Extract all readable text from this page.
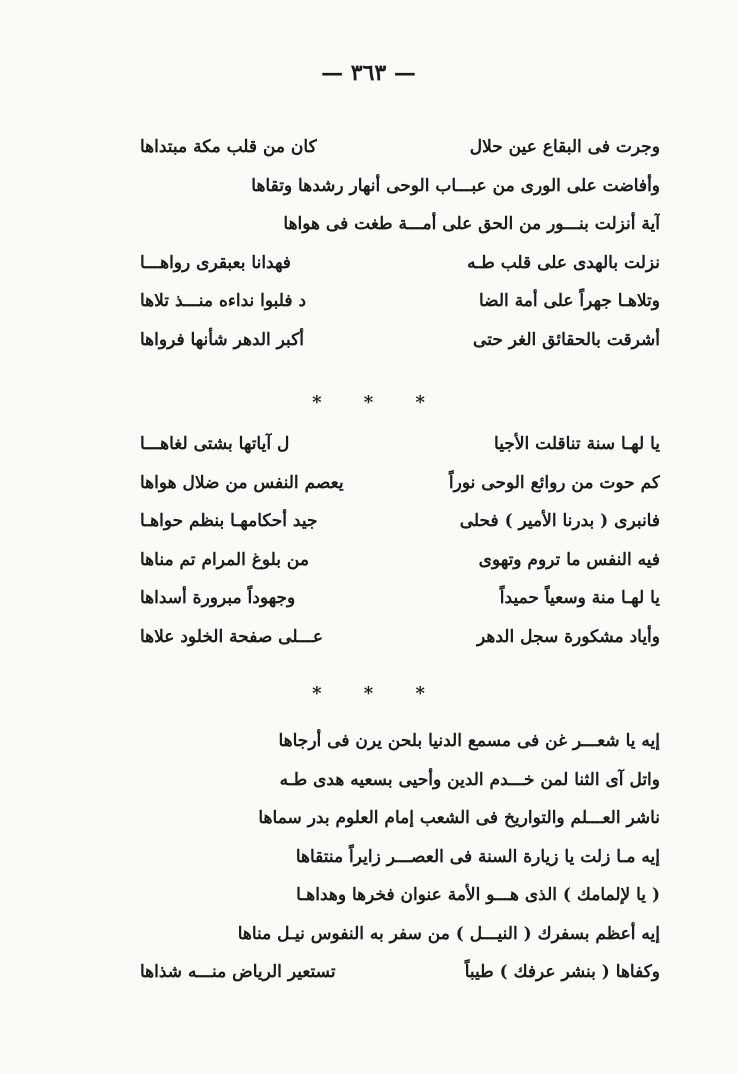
— ٣٦٣ —
وجرت فى البقاع عين حلال
كان من قلب مكة مبتداها
وأفاضت على الورى من عبـــاب الوحى أنهار رشدها وتقاها
آية أنزلت بنـــور من الحق على أمـــة طغت فى هواها
نزلت بالهدى على قلب طـه
فهدانا بعبقرى رواهـــا
وتلاهـا جهراً على أمة الضا
د فلبوا نداءه منـــذ تلاها
أشرقت بالحقائق الغر حتى
أكبر الدهر شأنها فرواها
* * *
يا لهـا سنة تناقلت الأجيا
ل آياتها بشتى لغاهـــا
كم حوت من روائع الوحى نوراً
يعصم النفس من ضلال هواها
فانبرى ( بدرنا الأمير ) فحلى
جيد أحكامهـا بنظم حواهـا
فيه النفس ما تروم وتهوى
من بلوغ المرام تم مناها
يا لهـا منة وسعياً حميداً
وجهوداً مبرورة أسداها
وأياد مشكورة سجل الدهر
عـــلى صفحة الخلود علاها
* * *
إيه يا شعـــر غن فى مسمع الدنيا بلحن يرن فى أرجاها
واتل آى الثنا لمن خـــدم الدين وأحيى بسعيه هدى طـه
ناشر العـــلم والتواريخ فى الشعب إمام العلوم بدر سماها
إيه مـا زلت يا زيارة السنة فى العصـــر زايراً منتقاها
( يا لإلمامك ) الذى هـــو الأمة عنوان فخرها وهداهـا
إيه أعظم بسفرك ( النيـــل ) من سفر به النفوس نيـل مناها
وكفاها ( بنشر عرفك ) طيباً
تستعير الرياض منـــه شذاها
